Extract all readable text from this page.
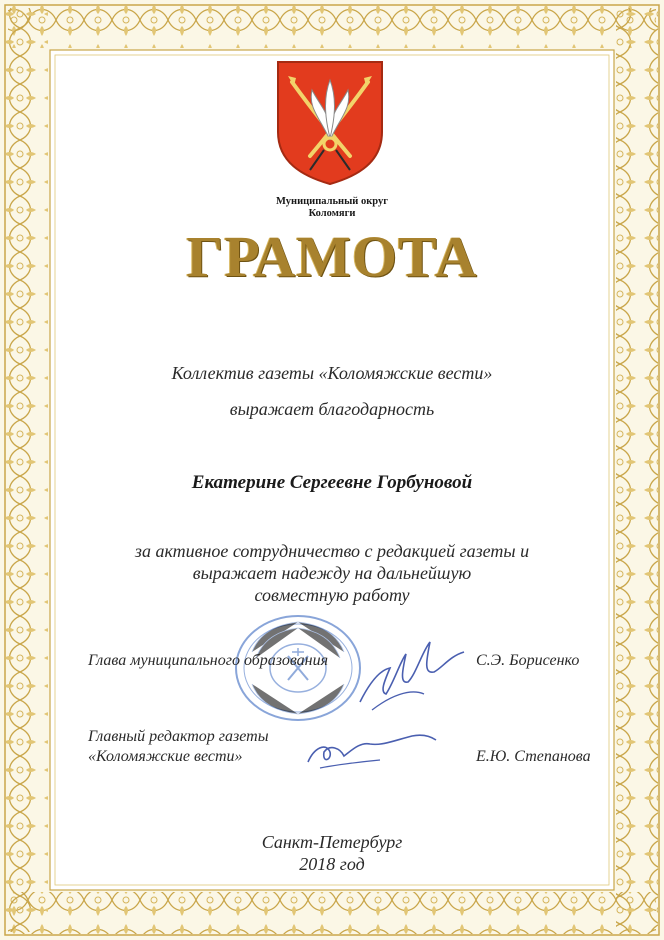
Муниципальный округ
Коломяги
ГРАМОТА
Коллектив газеты «Коломяжские вести»
выражает благодарность
Екатерине Сергеевне Горбуновой
за активное сотрудничество с редакцией газеты и
выражает надежду на дальнейшую
совместную работу
Глава муниципального образования	С.Э. Борисенко
Главный редактор газеты
«Коломяжские вести»	Е.Ю. Степанова
Санкт-Петербург
2018 год
